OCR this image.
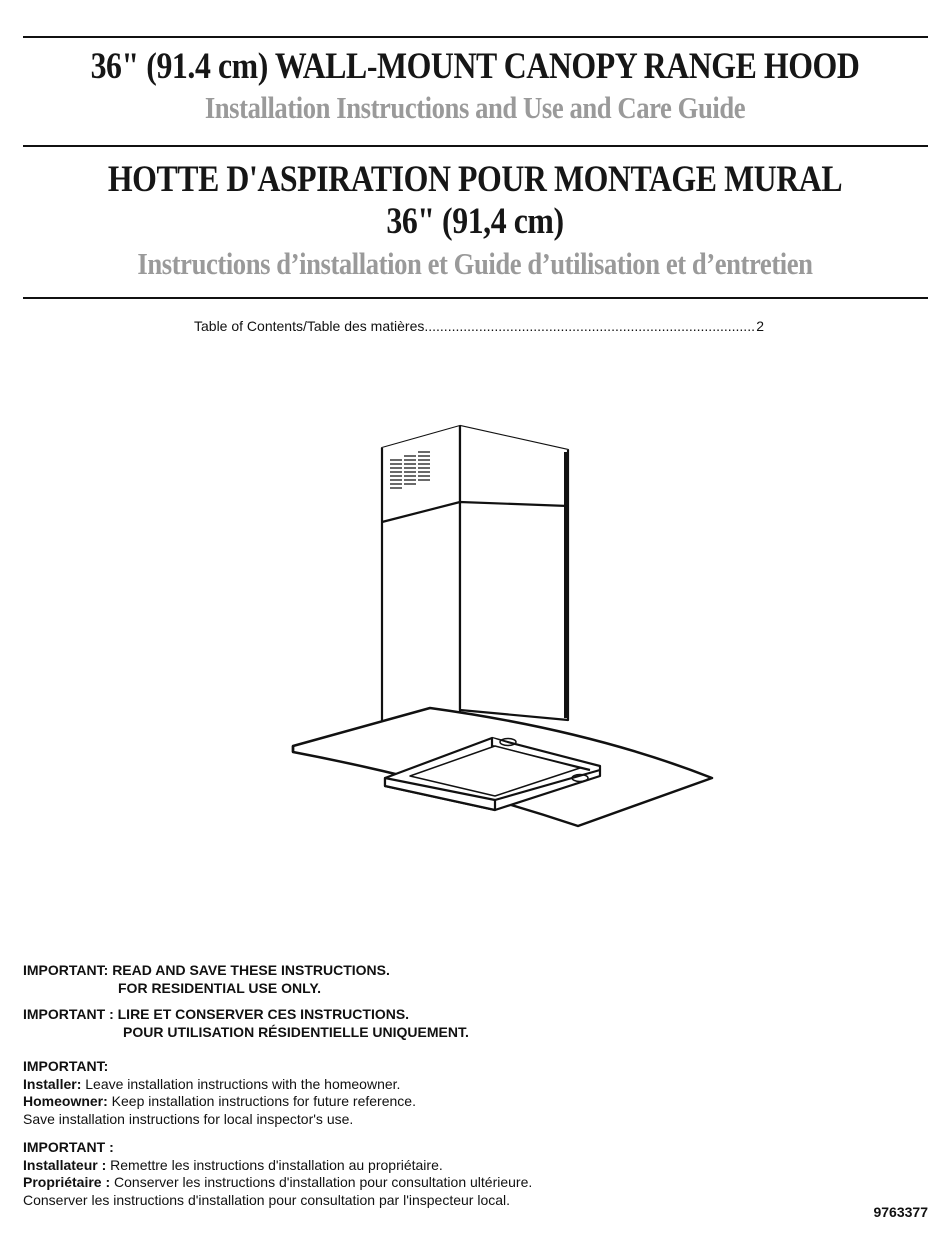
36" (91.4 cm) WALL-MOUNT CANOPY RANGE HOOD
Installation Instructions and Use and Care Guide
HOTTE D'ASPIRATION POUR MONTAGE MURAL
36" (91,4 cm)
Instructions d’installation et Guide d’utilisation et d’entretien
Table of Contents/Table des matières
.....	2
IMPORTANT: READ AND SAVE THESE INSTRUCTIONS.
FOR RESIDENTIAL USE ONLY.
IMPORTANT : LIRE ET CONSERVER CES INSTRUCTIONS.
POUR UTILISATION RÉSIDENTIELLE UNIQUEMENT.
IMPORTANT:
Installer: Leave installation instructions with the homeowner.
Homeowner: Keep installation instructions for future reference.
Save installation instructions for local inspector's use.
IMPORTANT :
Installateur : Remettre les instructions d'installation au propriétaire.
Propriétaire : Conserver les instructions d'installation pour consultation ultérieure.
Conserver les instructions d'installation pour consultation par l'inspecteur local.
9763377
